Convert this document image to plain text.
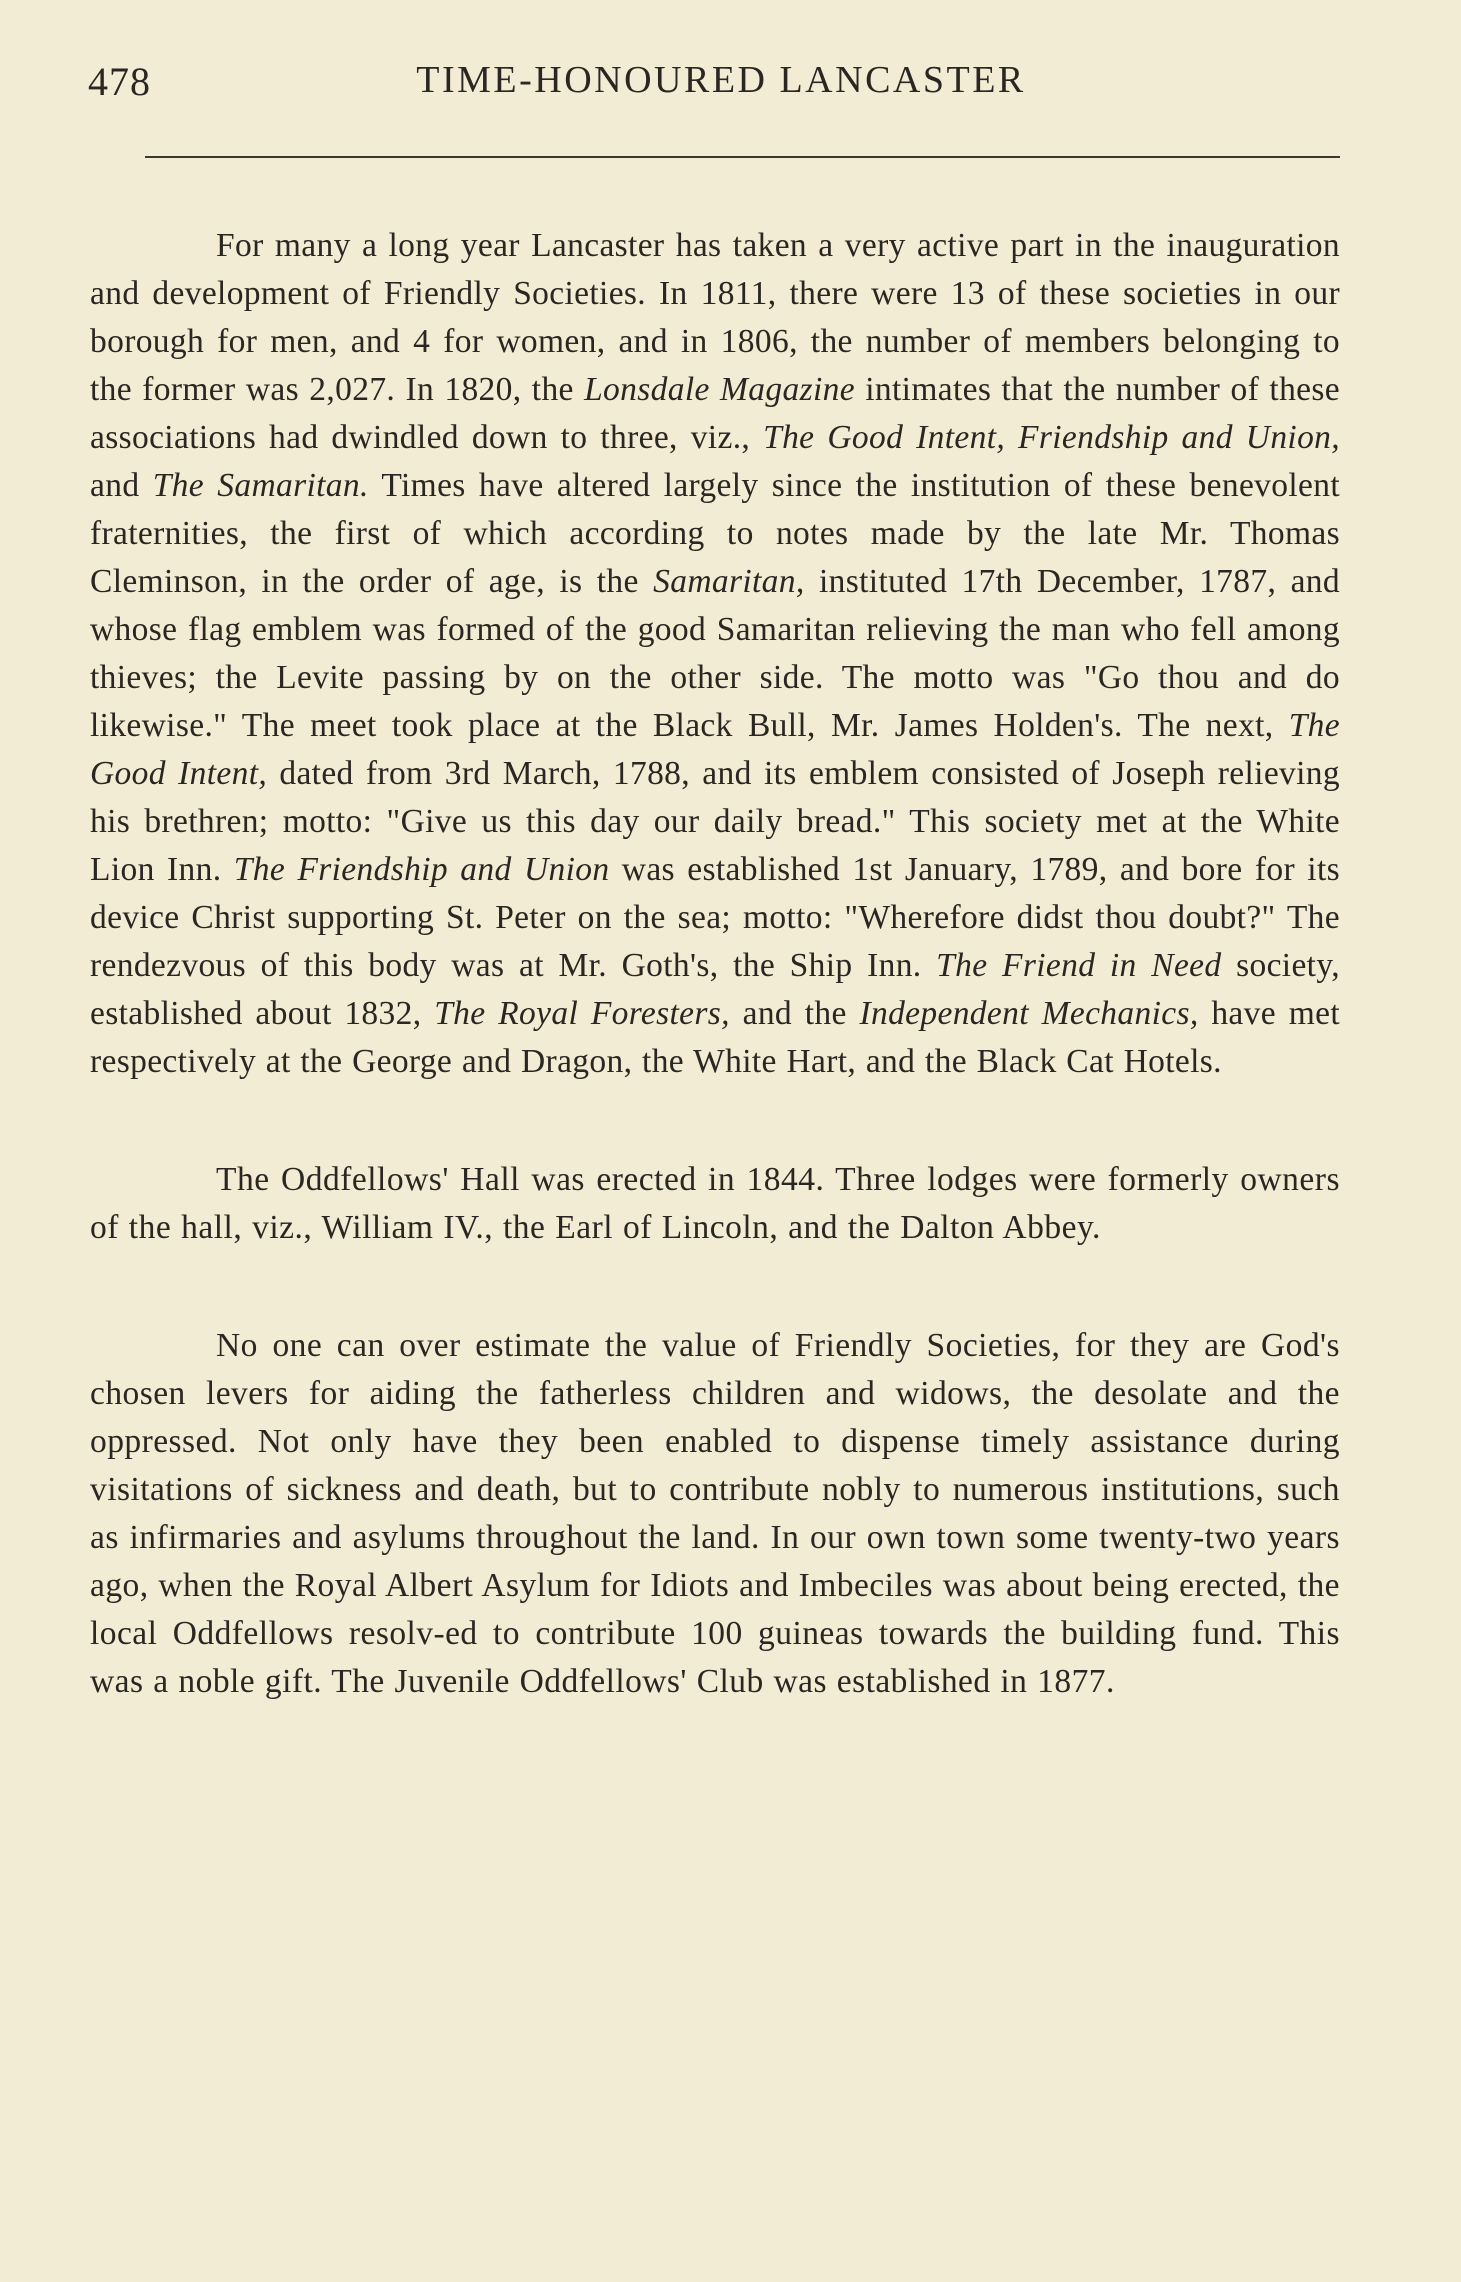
478	TIME-HONOURED LANCASTER

For many a long year Lancaster has taken a very active part in the inauguration and development of Friendly Societies. In 1811, there were 13 of these societies in our borough for men, and 4 for women, and in 1806, the number of members belonging to the former was 2,027. In 1820, the Lonsdale Magazine intimates that the number of these associations had dwindled down to three, viz., The Good Intent, Friendship and Union, and The Samaritan. Times have altered largely since the institution of these benevolent fraternities, the first of which according to notes made by the late Mr. Thomas Cleminson, in the order of age, is the Samaritan, instituted 17th December, 1787, and whose flag emblem was formed of the good Samaritan relieving the man who fell among thieves; the Levite passing by on the other side. The motto was "Go thou and do likewise." The meet took place at the Black Bull, Mr. James Holden's. The next, The Good Intent, dated from 3rd March, 1788, and its emblem consisted of Joseph relieving his brethren; motto: "Give us this day our daily bread." This society met at the White Lion Inn. The Friendship and Union was established 1st January, 1789, and bore for its device Christ supporting St. Peter on the sea; motto: "Wherefore didst thou doubt?" The rendezvous of this body was at Mr. Goth's, the Ship Inn. The Friend in Need society, established about 1832, The Royal Foresters, and the Independent Mechanics, have met respectively at the George and Dragon, the White Hart, and the Black Cat Hotels.

The Oddfellows' Hall was erected in 1844. Three lodges were formerly owners of the hall, viz., William IV., the Earl of Lincoln, and the Dalton Abbey.

No one can over estimate the value of Friendly Societies, for they are God's chosen levers for aiding the fatherless children and widows, the desolate and the oppressed. Not only have they been enabled to dispense timely assistance during visitations of sickness and death, but to contribute nobly to numerous institutions, such as infirmaries and asylums throughout the land. In our own town some twenty-two years ago, when the Royal Albert Asylum for Idiots and Imbeciles was about being erected, the local Oddfellows resolv-ed to contribute 100 guineas towards the building fund. This was a noble gift. The Juvenile Oddfellows' Club was established in 1877.
